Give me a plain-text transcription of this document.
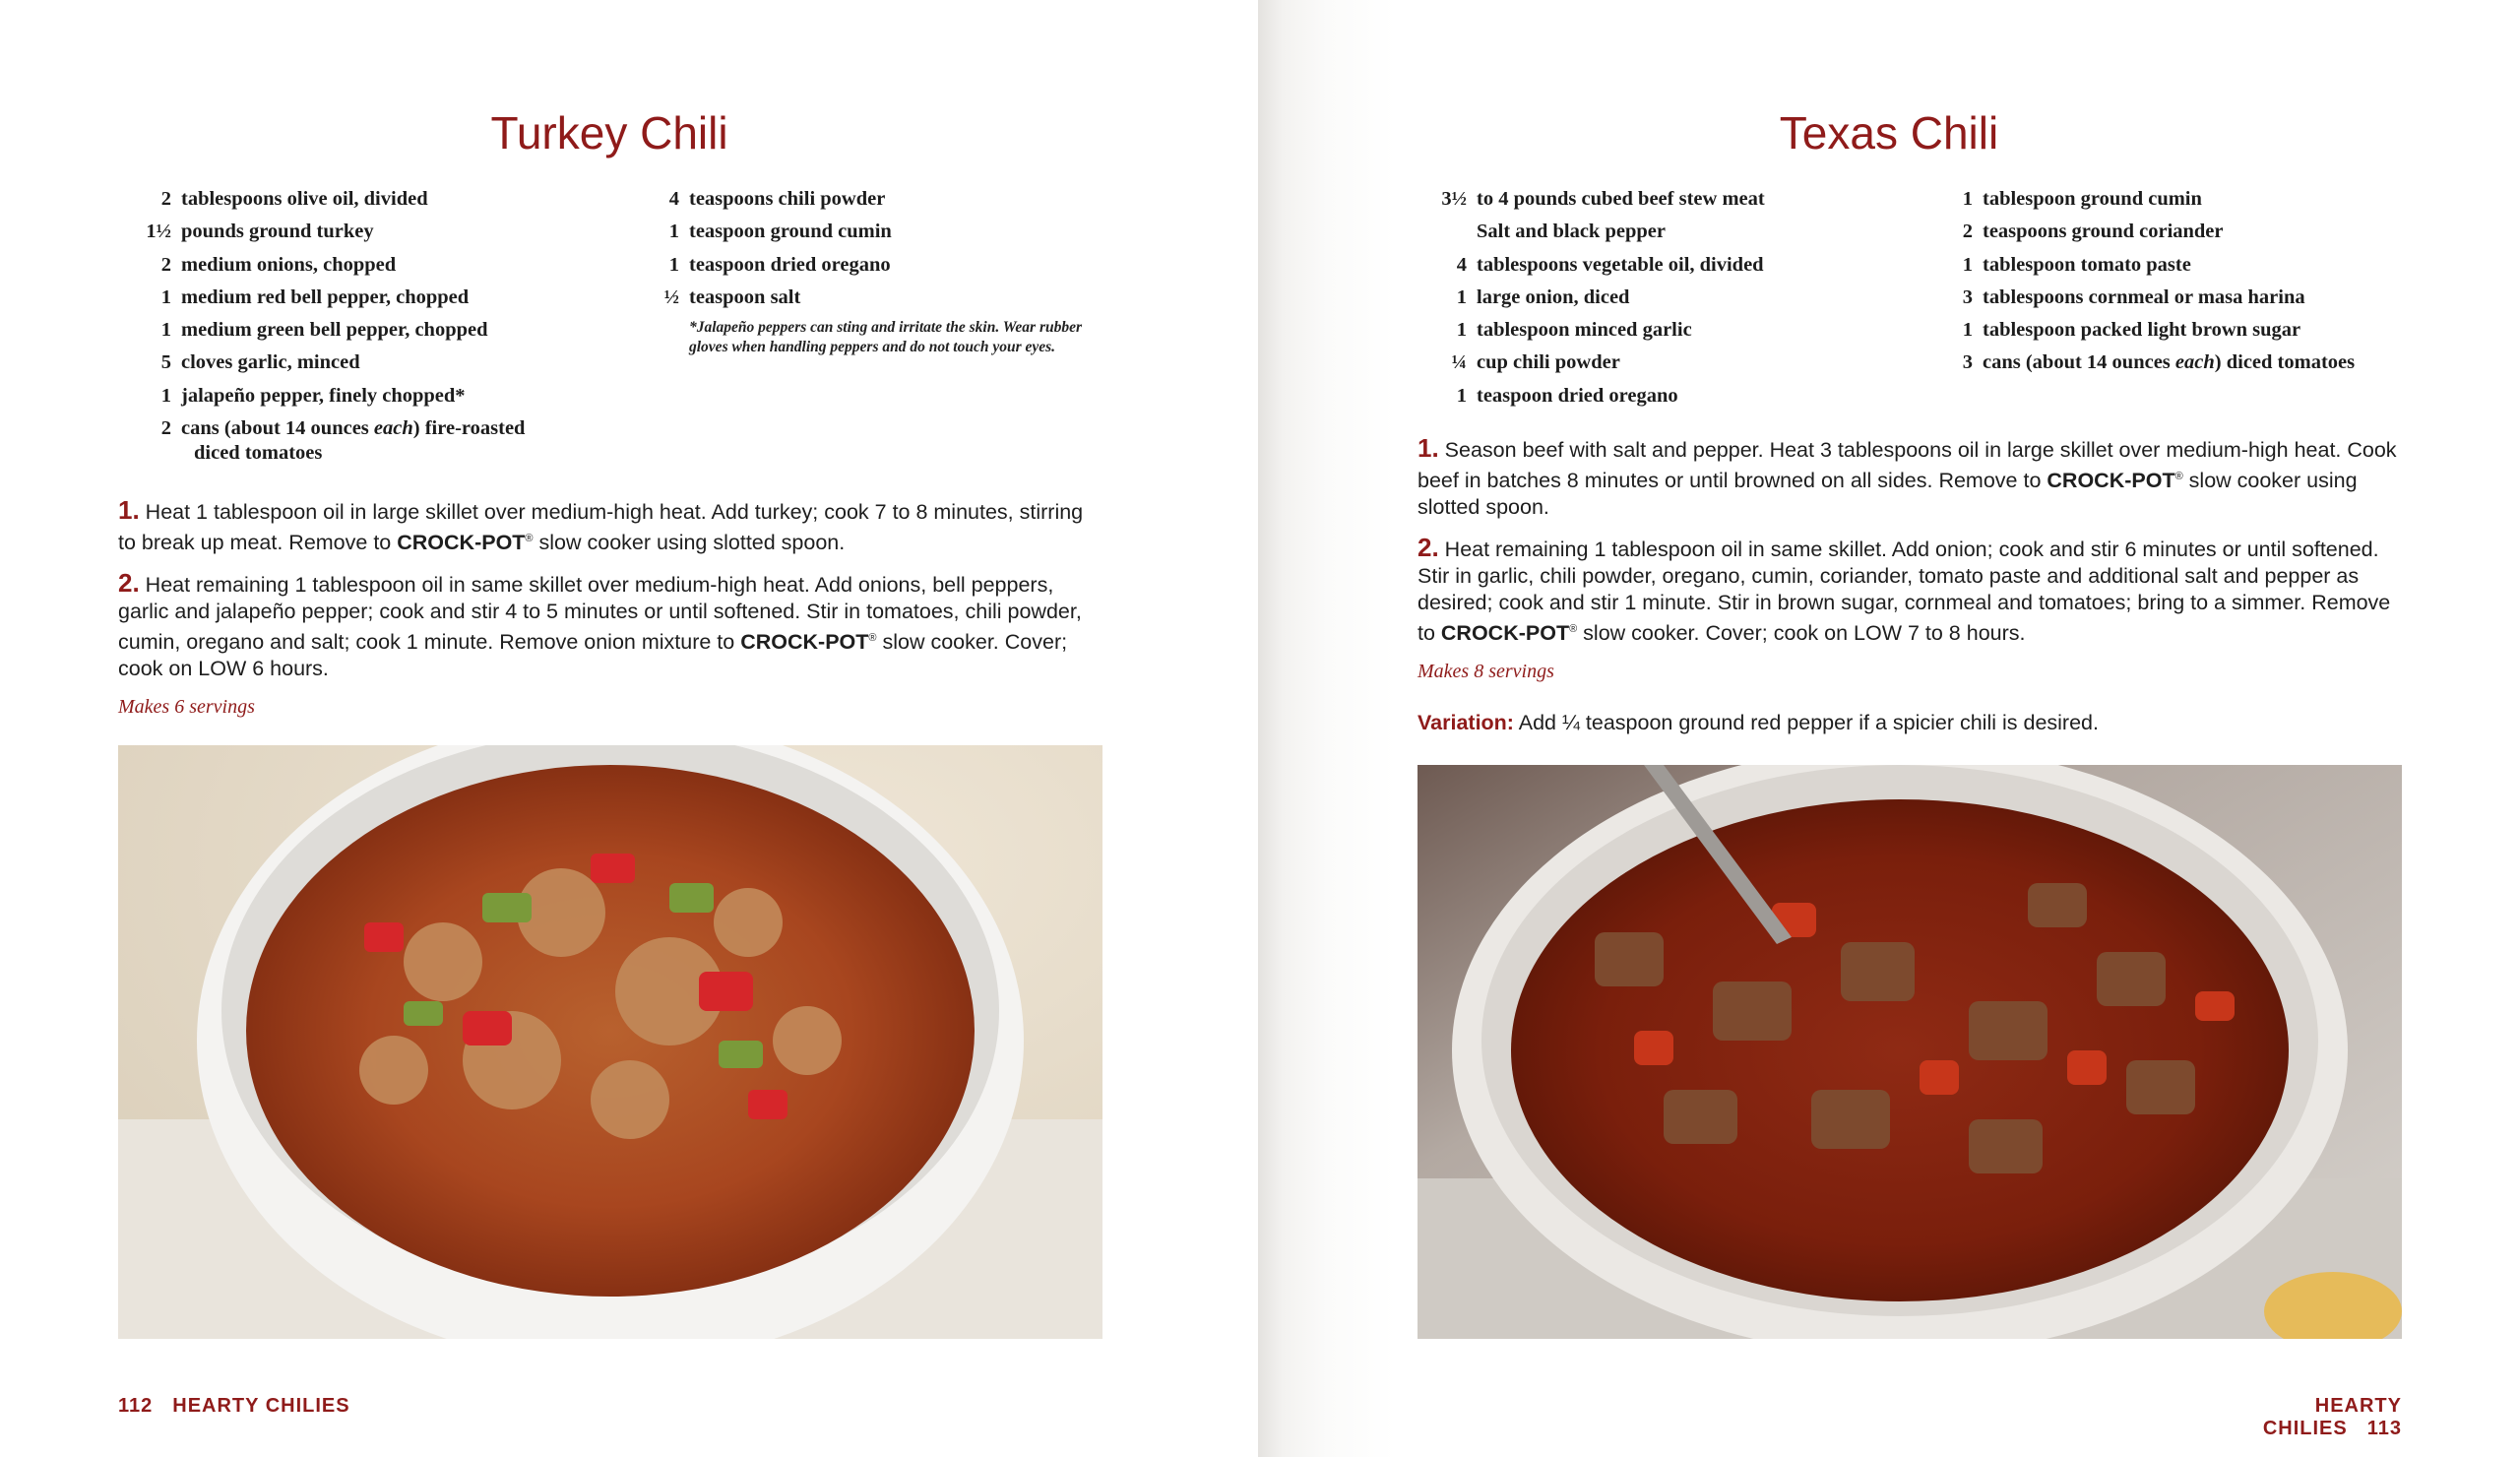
Turkey Chili
2 tablespoons olive oil, divided
1½ pounds ground turkey
2 medium onions, chopped
1 medium red bell pepper, chopped
1 medium green bell pepper, chopped
5 cloves garlic, minced
1 jalapeño pepper, finely chopped*
2 cans (about 14 ounces each) fire-roasted
diced tomatoes
4 teaspoons chili powder
1 teaspoon ground cumin
1 teaspoon dried oregano
½ teaspoon salt
*Jalapeño peppers can sting and irritate the skin. Wear rubber gloves when handling peppers and do not touch your eyes.

1. Heat 1 tablespoon oil in large skillet over medium-high heat. Add turkey; cook 7 to 8 minutes, stirring to break up meat. Remove to CROCK-POT® slow cooker using slotted spoon.

2. Heat remaining 1 tablespoon oil in same skillet over medium-high heat. Add onions, bell peppers, garlic and jalapeño pepper; cook and stir 4 to 5 minutes or until softened. Stir in tomatoes, chili powder, cumin, oregano and salt; cook 1 minute. Remove onion mixture to CROCK-POT® slow cooker. Cover; cook on LOW 6 hours.

Makes 6 servings

112 HEARTY CHILIES
Texas Chili
3½ to 4 pounds cubed beef stew meat
Salt and black pepper
4 tablespoons vegetable oil, divided
1 large onion, diced
1 tablespoon minced garlic
¼ cup chili powder
1 teaspoon dried oregano
1 tablespoon ground cumin
2 teaspoons ground coriander
1 tablespoon tomato paste
3 tablespoons cornmeal or masa harina
1 tablespoon packed light brown sugar
3 cans (about 14 ounces each) diced tomatoes

1. Season beef with salt and pepper. Heat 3 tablespoons oil in large skillet over medium-high heat. Cook beef in batches 8 minutes or until browned on all sides. Remove to CROCK-POT® slow cooker using slotted spoon.

2. Heat remaining 1 tablespoon oil in same skillet. Add onion; cook and stir 6 minutes or until softened. Stir in garlic, chili powder, oregano, cumin, coriander, tomato paste and additional salt and pepper as desired; cook and stir 1 minute. Stir in brown sugar, cornmeal and tomatoes; bring to a simmer. Remove to CROCK-POT® slow cooker. Cover; cook on LOW 7 to 8 hours.

Makes 8 servings

Variation: Add ¼ teaspoon ground red pepper if a spicier chili is desired.

HEARTY CHILIES 113
